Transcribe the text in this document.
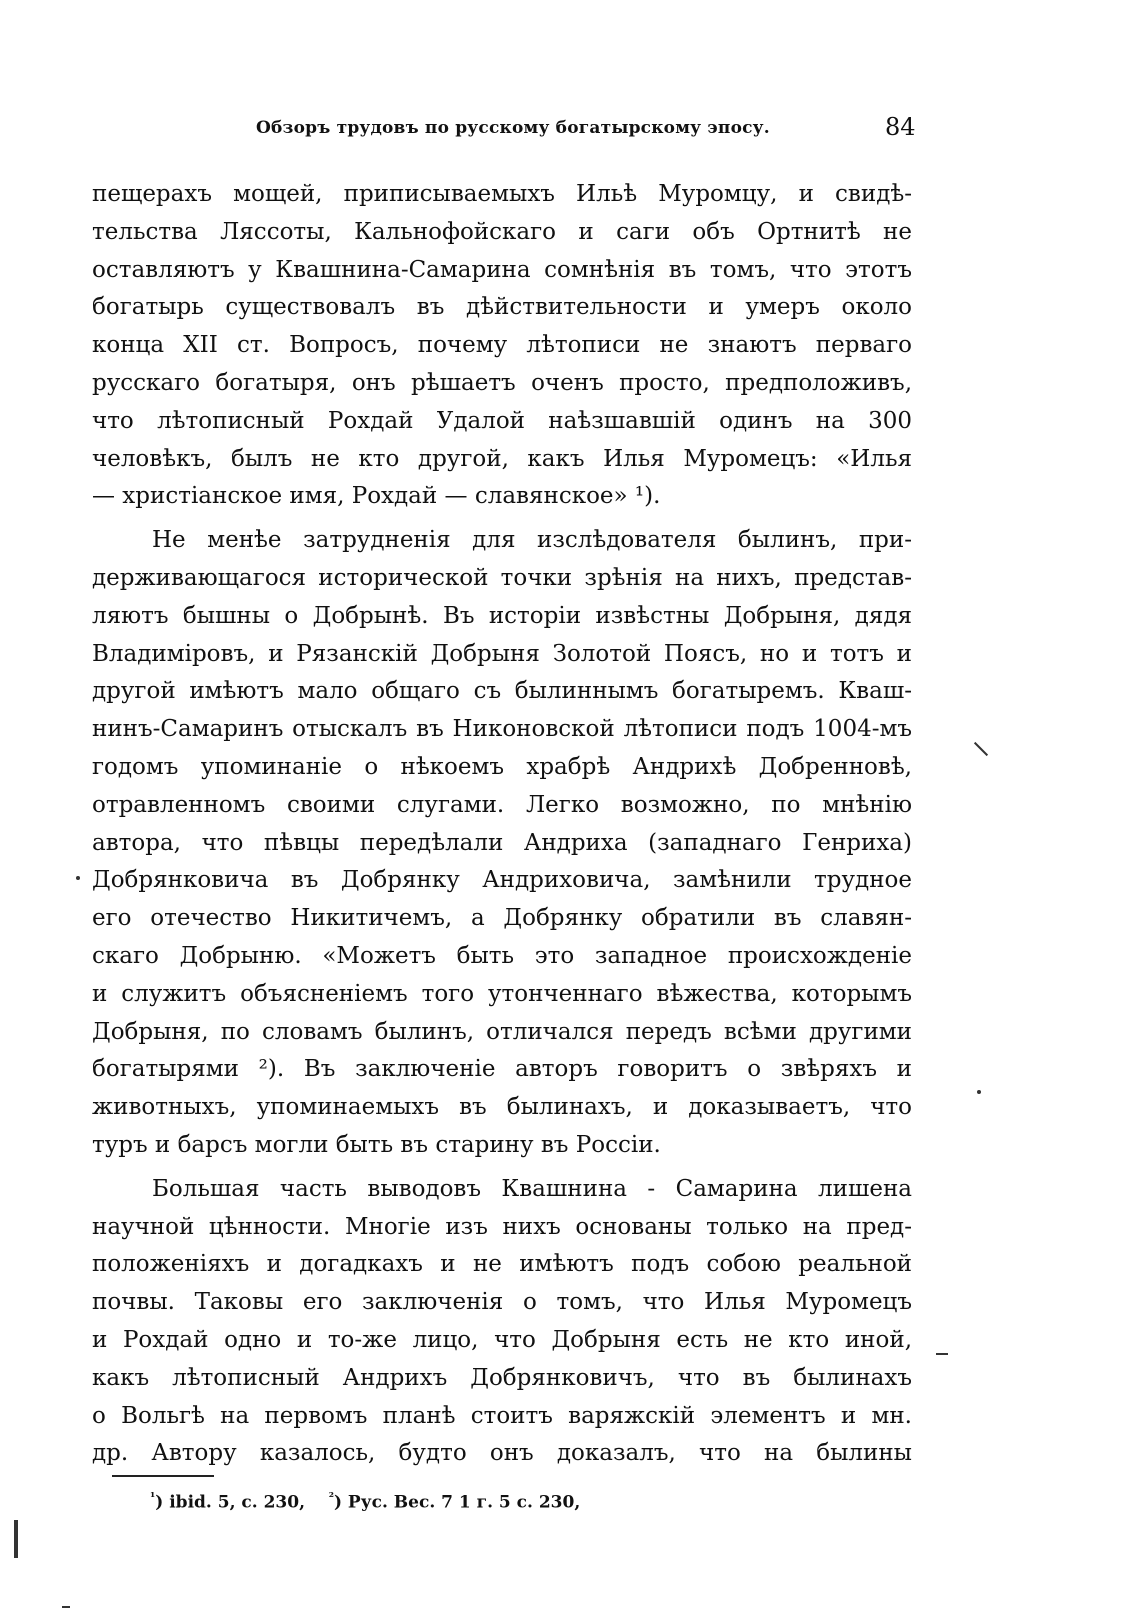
Обзоръ трудовъ по русскому богатырскому эпосу.	84
пещерахъ мощей, приписываемыхъ Ильѣ Муромцу, и свидѣ-
тельства Лясcоты, Кальнофойскаго и саги объ Ортнитѣ не
оставляютъ у Квашнина-Самарина сомнѣнія въ томъ, что этотъ
богатырь существовалъ въ дѣйствительности и умеръ около
конца XII ст. Вопросъ, почему лѣтописи не знаютъ перваго
русскаго богатыря, онъ рѣшаетъ оченъ просто, предположивъ,
что лѣтописный Рохдай Удалой наѣзшавшій одинъ на 300
человѣкъ, былъ не кто другой, какъ Илья Муромецъ: «Илья
— христіанское имя, Рохдай — славянское» ¹).
Не менѣе затрудненія для изслѣдователя былинъ, при-
держивающагося исторической точки зрѣнія на нихъ, представ-
ляютъ бышны о Добрынѣ. Въ исторіи извѣстны Добрыня, дядя
Владиміровъ, и Рязанскій Добрыня Золотой Поясъ, но и тотъ и
другой имѣютъ мало общаго съ былиннымъ богатыремъ. Кваш-
нинъ-Самаринъ отыскалъ въ Никоновской лѣтописи подъ 1004-мъ
годомъ упоминаніе о нѣкоемъ храбрѣ Андрихѣ Добренновѣ,
отравленномъ своими слугами. Легко возможно, по мнѣнію
автора, что пѣвцы передѣлали Андриха (западнаго Генриха)
Добрянковича въ Добрянку Андриховича, замѣнили трудное
его отечество Никитичемъ, а Добрянку обратили въ славян-
скаго Добрыню. «Можетъ быть это западное происхожденіе
и служитъ объясненіемъ того утонченнаго вѣжества, которымъ
Добрыня, по словамъ былинъ, отличался передъ всѣми другими
богатырями ²). Въ заключеніе авторъ говоритъ о звѣряхъ и
животныхъ, упоминаемыхъ въ былинахъ, и доказываетъ, что
туръ и барсъ могли быть въ старину въ Россіи.
Большая часть выводовъ Квашнина - Самарина лишена
научной цѣнности. Многіе изъ нихъ основаны только на пред-
положеніяхъ и догадкахъ и не имѣютъ подъ собою реальной
почвы. Таковы его заключенія о томъ, что Илья Муромецъ
и Рохдай одно и то-же лицо, что Добрыня есть не кто иной,
какъ лѣтописный Андрихъ Добрянковичъ, что въ былинахъ
о Вольгѣ на первомъ планѣ стоитъ варяжскій элементъ и мн.
др. Автору казалось, будто онъ доказалъ, что на былины
$^{^1}$) ibid. 5, с. 230, $^{^2}$) Рус. Вес. 7 1 г. 5 с. 230,
